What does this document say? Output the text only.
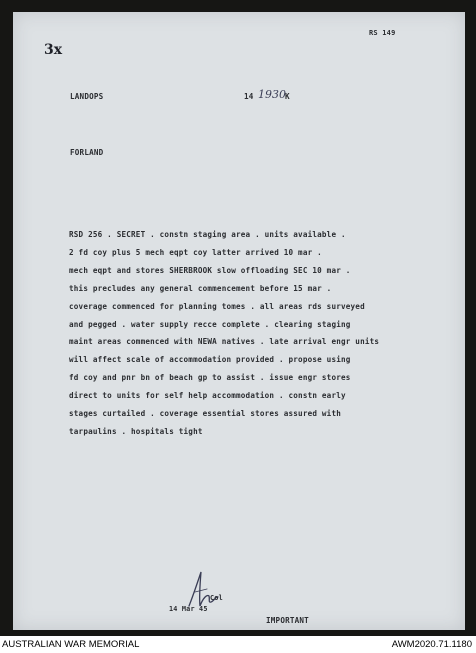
RS 149
3x
LANDOPS	14 1930 K
FORLAND
RSD 256 . SECRET . constn staging area . units available .
2 fd coy plus 5 mech eqpt coy latter arrived 10 mar .
mech eqpt and stores SHERBROOK slow offloading SEC 10 mar .
this precludes any general commencement before 15 mar .
coverage commenced for planning tomes . all areas rds surveyed
and pegged . water supply recce complete . clearing staging
maint areas commenced with NEWA natives . late arrival engr units
will affect scale of accommodation provided . propose using
fd coy and pnr bn of beach gp to assist . issue engr stores
direct to units for self help accommodation . constn early
stages curtailed . coverage essential stores assured with
tarpaulins . hospitals tight
Col
14 Mar 45
IMPORTANT
AUSTRALIAN WAR MEMORIAL	AWM2020.71.1180
